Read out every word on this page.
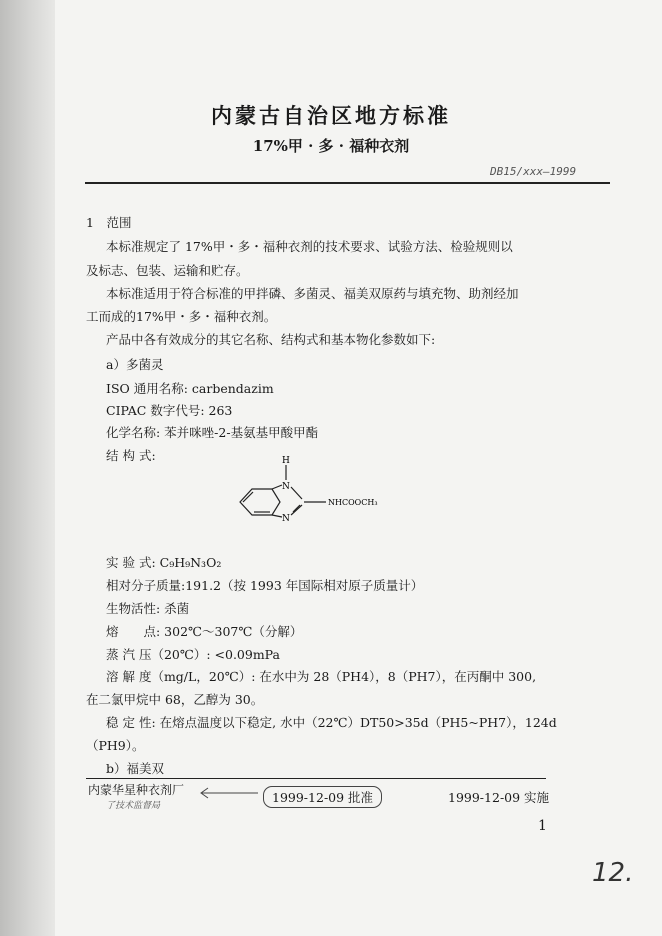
内蒙古自治区地方标准
17%甲 · 多 · 福种衣剂
DB15/xxx—1999
1　范围
本标准规定了 17%甲・多・福种衣剂的技术要求、试验方法、检验规则以
及标志、包装、运输和贮存。
本标准适用于符合标准的甲拌磷、多菌灵、福美双原药与填充物、助剂经加
工而成的17%甲・多・福种衣剂。
产品中各有效成分的其它名称、结构式和基本物化参数如下:
a）多菌灵
ISO 通用名称: carbendazim
CIPAC 数字代号: 263
化学名称: 苯并咪唑-2-基氨基甲酸甲酯
结 构 式:	H
N
N
NHCOOCH₃
实 验 式: C₉H₉N₃O₂
相对分子质量:191.2（按 1993 年国际相对原子质量计）
生物活性: 杀菌
熔　　点: 302℃～307℃（分解）
蒸 汽 压（20℃）: <0.09mPa
溶 解 度（mg/L，20℃）: 在水中为 28（PH4），8（PH7），在丙酮中 300,
在二氯甲烷中 68，乙醇为 30。
稳 定 性: 在熔点温度以下稳定, 水中（22℃）DT50>35d（PH5~PH7），124d
（PH9）。
b）福美双
内蒙华星种衣剂厂
了技术监督局
1999-12-09 批准	1999-12-09 实施
1
12.
